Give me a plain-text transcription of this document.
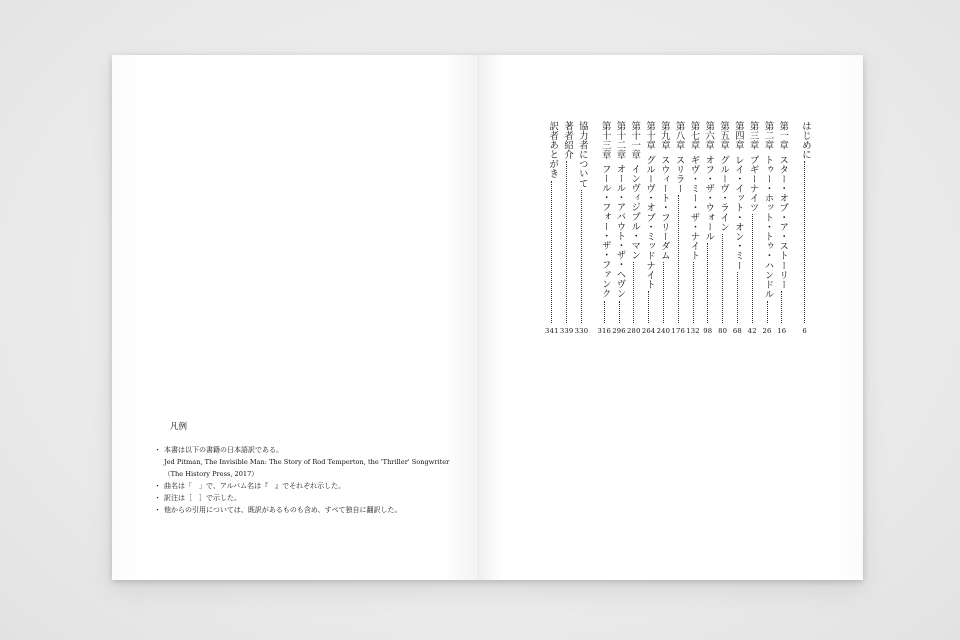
凡例
・ 本書は以下の書籍の日本語訳である。
Jed Pitman, The Invisible Man: The Story of Rod Temperton, the 'Thriller' Songwriter
（The History Press, 2017）
・ 曲名は「　」で、アルバム名は『　』でそれぞれ示した。
・ 訳注は［　］で示した。
・ 他からの引用については、既訳があるものも含め、すべて独自に翻訳した。
はじめに
6
第一章
スター・オブ・ア・ストーリー
16
第二章
トゥー・ホット・トゥ・ハンドル
26
第三章
ブギーナイツ
42
第四章
レイ・イット・オン・ミー
68
第五章
グルーヴ・ライン
80
第六章
オフ・ザ・ウォール
98
第七章
ギヴ・ミー・ザ・ナイト
132
第八章
スリラー
176
第九章
スウィート・フリーダム
240
第十章
グルーヴ・オブ・ミッドナイト
264
第十一章
インヴィジブル・マン
280
第十二章
オール・アバウト・ザ・ヘヴン
296
第十三章
フール・フォー・ザ・ファンク
316
協力者について
330
著者紹介
339
訳者あとがき
341
